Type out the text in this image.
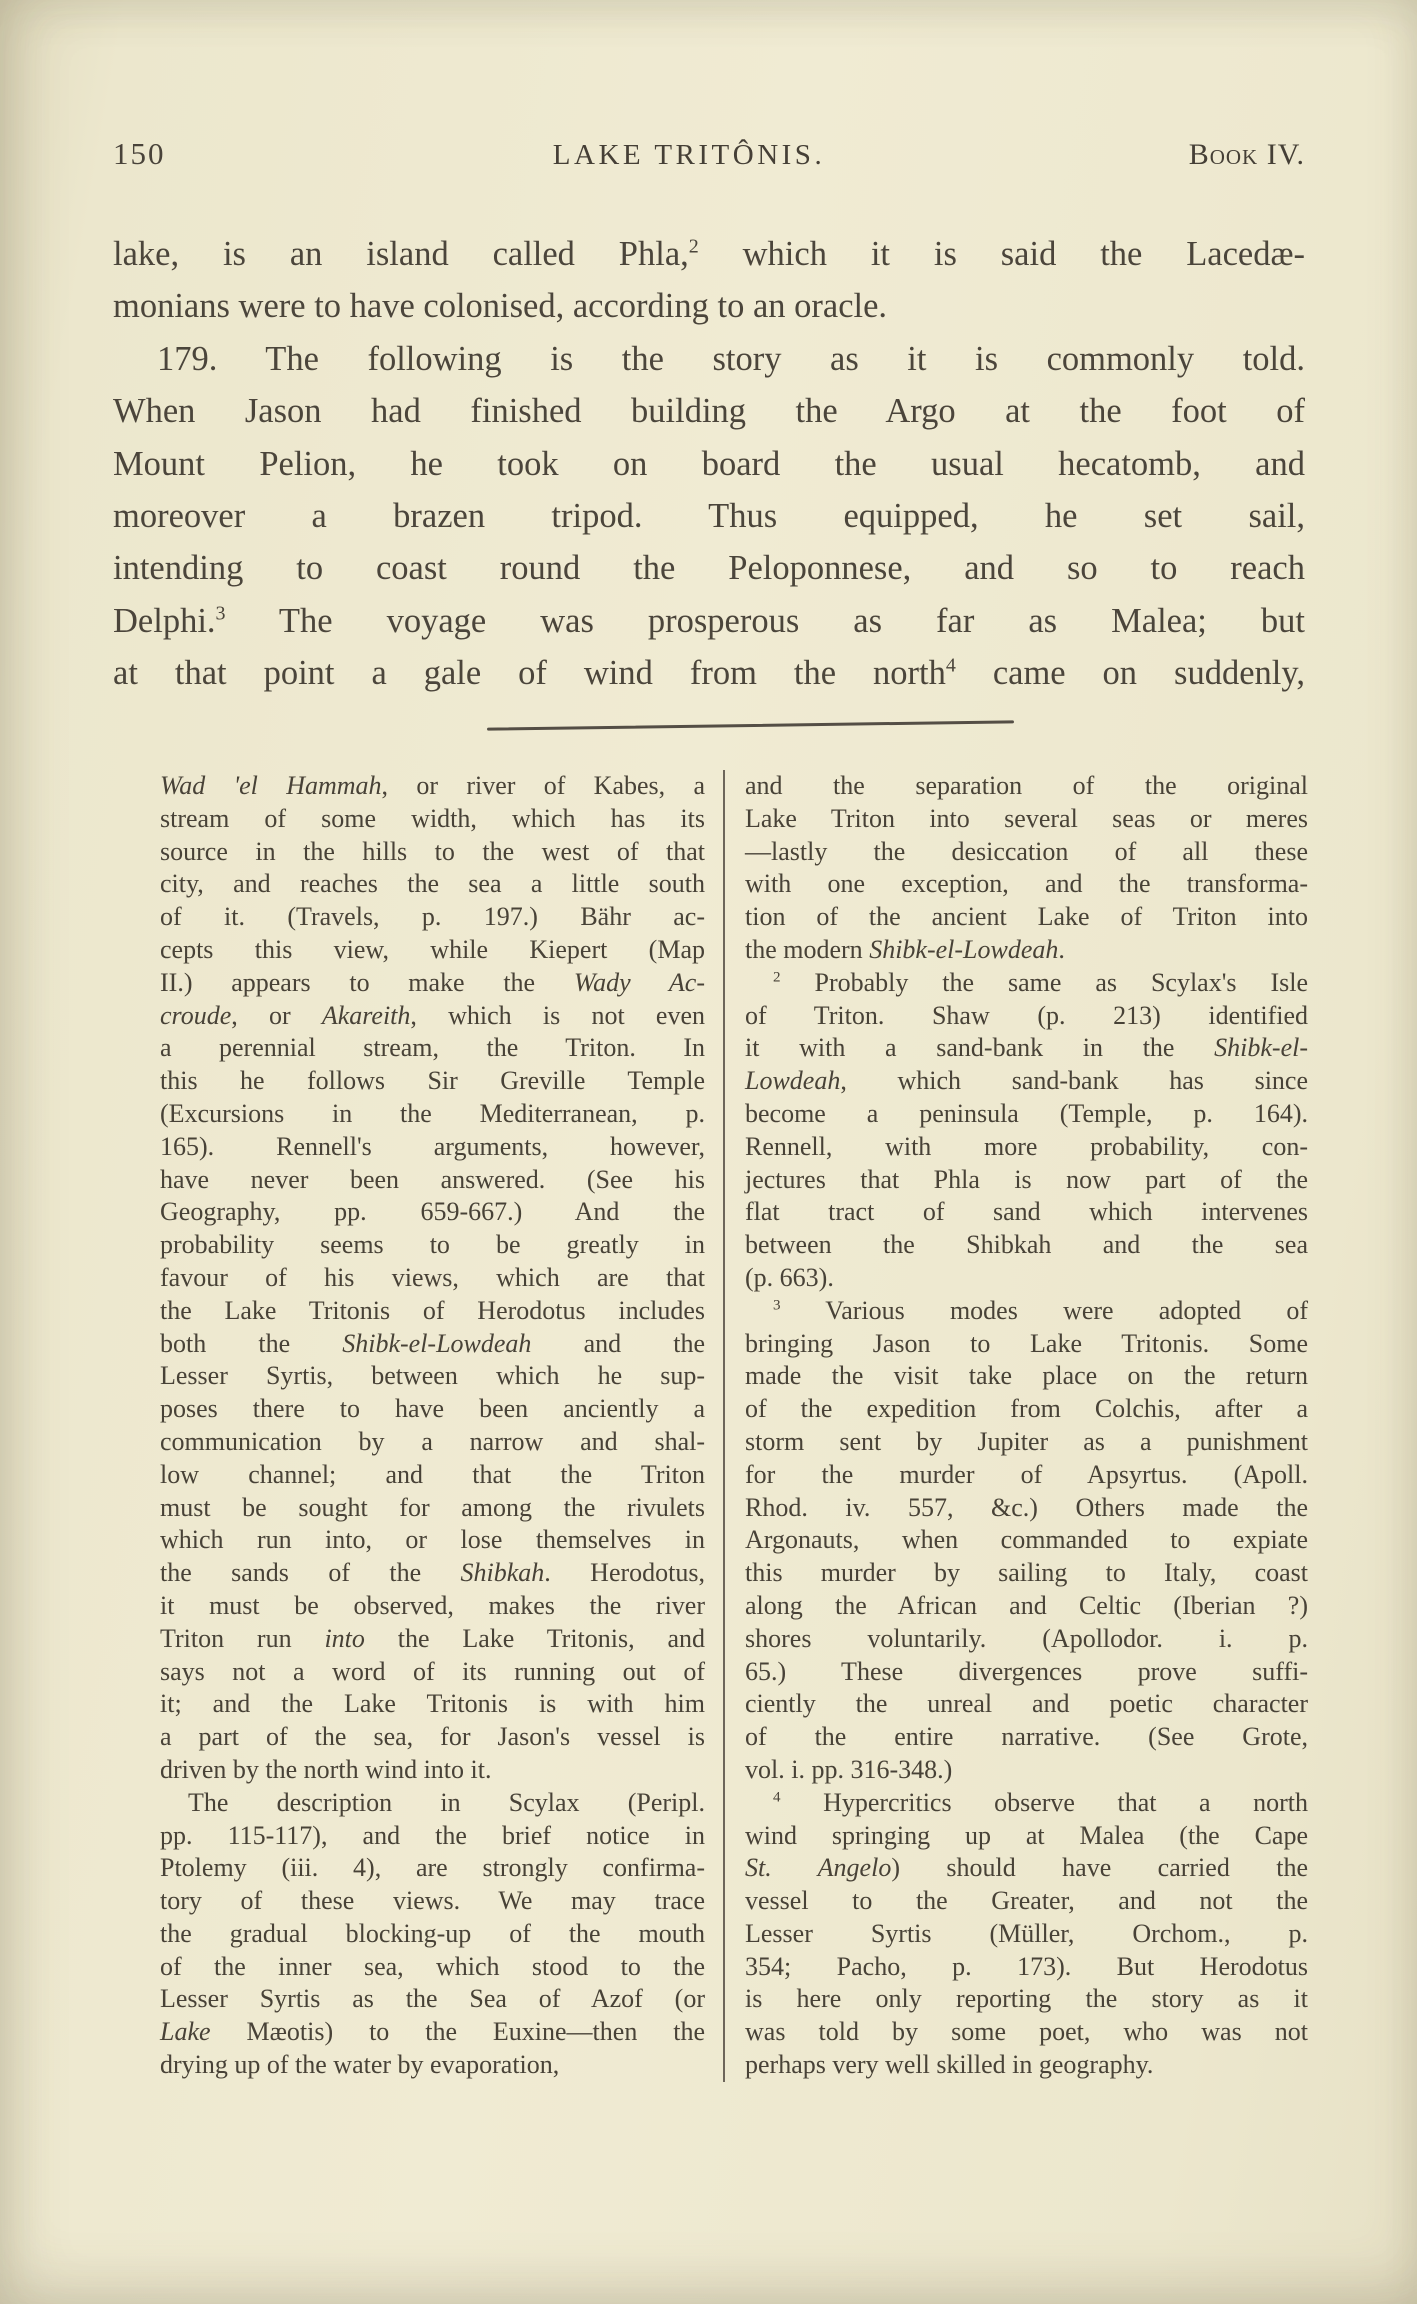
150	LAKE TRITÔNIS.	Book IV.
lake, is an island called Phla,$^2$ which it is said the Lacedæ-
monians were to have colonised, according to an oracle.
179. The following is the story as it is commonly told.
When Jason had finished building the Argo at the foot of
Mount Pelion, he took on board the usual hecatomb, and
moreover a brazen tripod. Thus equipped, he set sail,
intending to coast round the Peloponnese, and so to reach
Delphi.$^3$ The voyage was prosperous as far as Malea; but
at that point a gale of wind from the north$^4$ came on suddenly,
Wad 'el Hammah, or river of Kabes, a
stream of some width, which has its
source in the hills to the west of that
city, and reaches the sea a little south
of it. (Travels, p. 197.) Bähr ac-
cepts this view, while Kiepert (Map
II.) appears to make the Wady Ac-
croude, or Akareith, which is not even
a perennial stream, the Triton. In
this he follows Sir Greville Temple
(Excursions in the Mediterranean, p.
165). Rennell's arguments, however,
have never been answered. (See his
Geography, pp. 659-667.) And the
probability seems to be greatly in
favour of his views, which are that
the Lake Tritonis of Herodotus includes
both the Shibk-el-Lowdeah and the
Lesser Syrtis, between which he sup-
poses there to have been anciently a
communication by a narrow and shal-
low channel; and that the Triton
must be sought for among the rivulets
which run into, or lose themselves in
the sands of the Shibkah. Herodotus,
it must be observed, makes the river
Triton run into the Lake Tritonis, and
says not a word of its running out of
it; and the Lake Tritonis is with him
a part of the sea, for Jason's vessel is
driven by the north wind into it.
The description in Scylax (Peripl.
pp. 115-117), and the brief notice in
Ptolemy (iii. 4), are strongly confirma-
tory of these views. We may trace
the gradual blocking-up of the mouth
of the inner sea, which stood to the
Lesser Syrtis as the Sea of Azof (or
Lake Mæotis) to the Euxine—then the
drying up of the water by evaporation,
and the separation of the original
Lake Triton into several seas or meres
—lastly the desiccation of all these
with one exception, and the transforma-
tion of the ancient Lake of Triton into
the modern Shibk-el-Lowdeah.
$^2$ Probably the same as Scylax's Isle
of Triton. Shaw (p. 213) identified
it with a sand-bank in the Shibk-el-
Lowdeah, which sand-bank has since
become a peninsula (Temple, p. 164).
Rennell, with more probability, con-
jectures that Phla is now part of the
flat tract of sand which intervenes
between the Shibkah and the sea
(p. 663).
$^3$ Various modes were adopted of
bringing Jason to Lake Tritonis. Some
made the visit take place on the return
of the expedition from Colchis, after a
storm sent by Jupiter as a punishment
for the murder of Apsyrtus. (Apoll.
Rhod. iv. 557, &c.) Others made the
Argonauts, when commanded to expiate
this murder by sailing to Italy, coast
along the African and Celtic (Iberian ?)
shores voluntarily. (Apollodor. i. p.
65.) These divergences prove suffi-
ciently the unreal and poetic character
of the entire narrative. (See Grote,
vol. i. pp. 316-348.)
$^4$ Hypercritics observe that a north
wind springing up at Malea (the Cape
St. Angelo) should have carried the
vessel to the Greater, and not the
Lesser Syrtis (Müller, Orchom., p.
354; Pacho, p. 173). But Herodotus
is here only reporting the story as it
was told by some poet, who was not
perhaps very well skilled in geography.
